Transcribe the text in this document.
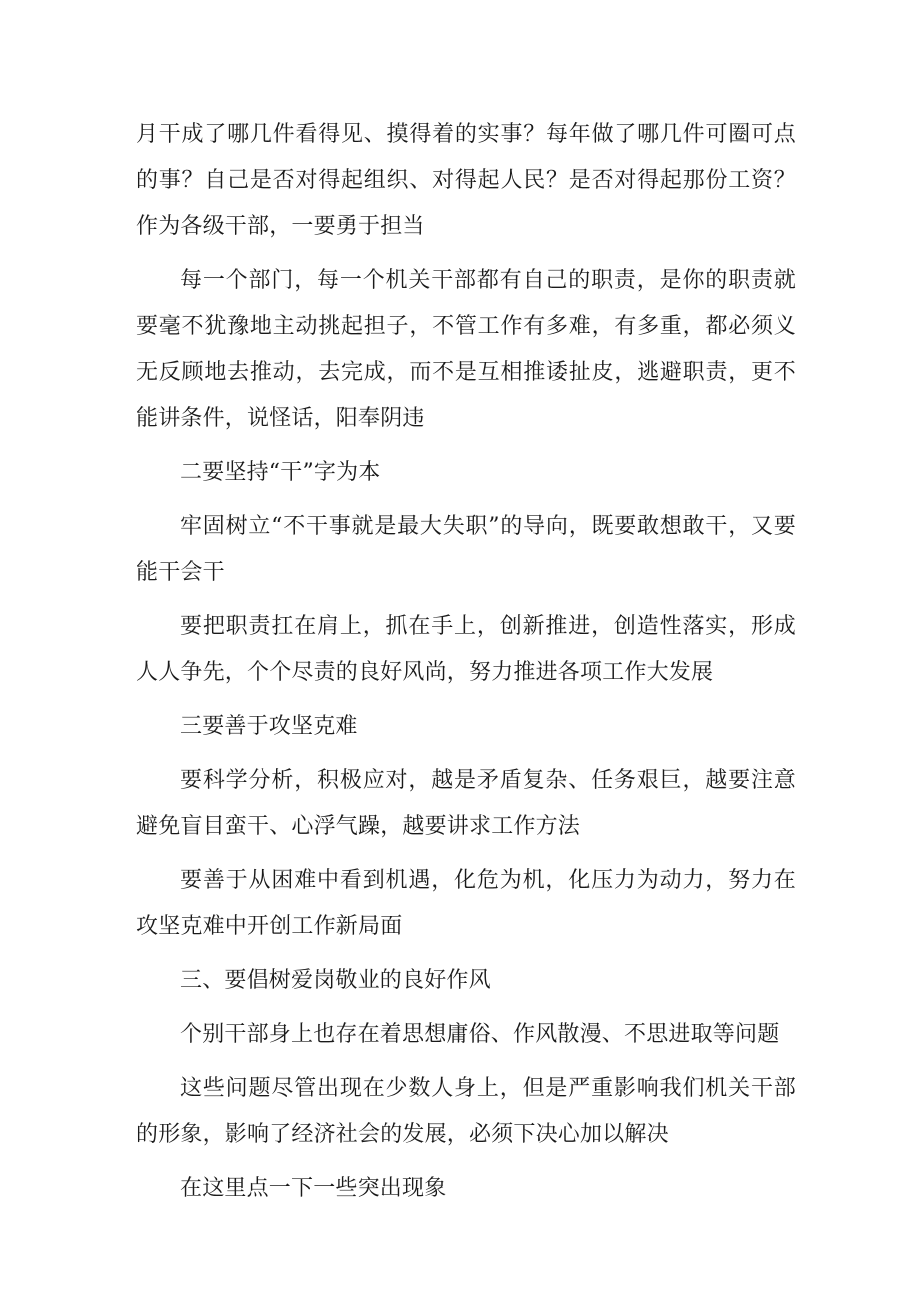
月干成了哪几件看得见、摸得着的实事？每年做了哪几件可圈可点的事？自己是否对得起组织、对得起人民？是否对得起那份工资？作为各级干部，一要勇于担当

每一个部门，每一个机关干部都有自己的职责，是你的职责就要毫不犹豫地主动挑起担子，不管工作有多难，有多重，都必须义无反顾地去推动，去完成，而不是互相推诿扯皮，逃避职责，更不能讲条件，说怪话，阳奉阴违

二要坚持“干”字为本

牢固树立“不干事就是最大失职”的导向，既要敢想敢干，又要能干会干

要把职责扛在肩上，抓在手上，创新推进，创造性落实，形成人人争先，个个尽责的良好风尚，努力推进各项工作大发展

三要善于攻坚克难

要科学分析，积极应对，越是矛盾复杂、任务艰巨，越要注意避免盲目蛮干、心浮气躁，越要讲求工作方法

要善于从困难中看到机遇，化危为机，化压力为动力，努力在攻坚克难中开创工作新局面

三、要倡树爱岗敬业的良好作风

个别干部身上也存在着思想庸俗、作风散漫、不思进取等问题

这些问题尽管出现在少数人身上，但是严重影响我们机关干部的形象，影响了经济社会的发展，必须下决心加以解决

在这里点一下一些突出现象
